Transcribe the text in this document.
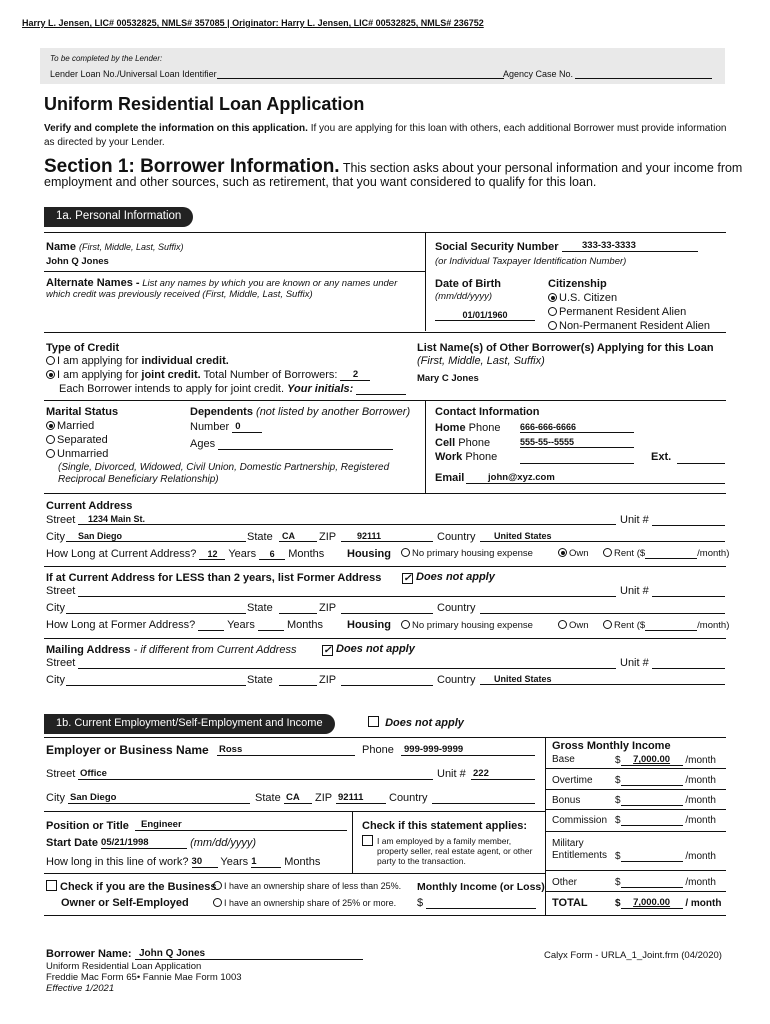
Harry L. Jensen, LIC# 00532825, NMLS# 357085 | Originator: Harry L. Jensen, LIC# 00532825, NMLS# 236752
To be completed by the Lender:
Lender Loan No./Universal Loan Identifier	Agency Case No.
Uniform Residential Loan Application
Verify and complete the information on this application. If you are applying for this loan with others, each additional Borrower must provide information as directed by your Lender.
Section 1: Borrower Information. This section asks about your personal information and your income from employment and other sources, such as retirement, that you want considered to qualify for this loan.
1a. Personal Information
Name (First, Middle, Last, Suffix)
John Q Jones
Social Security Number	333-33-3333
(or Individual Taxpayer Identification Number)
Alternate Names - List any names by which you are known or any names under which credit was previously received (First, Middle, Last, Suffix)
Date of Birth
(mm/dd/yyyy)
01/01/1960
Citizenship
U.S. Citizen
Permanent Resident Alien
Non-Permanent Resident Alien
Type of Credit
I am applying for individual credit.
I am applying for joint credit. Total Number of Borrowers: 2
Each Borrower intends to apply for joint credit. Your initials:
List Name(s) of Other Borrower(s) Applying for this Loan
(First, Middle, Last, Suffix)
Mary C Jones
Marital Status
Married
Separated
Unmarried
(Single, Divorced, Widowed, Civil Union, Domestic Partnership, Registered Reciprocal Beneficiary Relationship)
Dependents (not listed by another Borrower)
Number 0
Ages
Contact Information
Home Phone 666-666-6666
Cell Phone	555-55--5555
Work Phone	Ext.
Email	john@xyz.com
Current Address
Street	1234 Main St.	Unit #
City	San Diego	State	CA	ZIP	92111	Country	United States
How Long at Current Address? 12 Years 6 Months Housing	No primary housing expense	Own	Rent ($	/month)
If at Current Address for LESS than 2 years, list Former Address ✓ Does not apply
Street	Unit #
City	State	ZIP	Country
How Long at Former Address?	Years	Months Housing	No primary housing expense	Own	Rent ($	/month)
Mailing Address - if different from Current Address	✓ Does not apply
Street	Unit #
City	State	ZIP	Country	United States
1b. Current Employment/Self-Employment and Income	Does not apply
Employer or Business Name Ross	Phone	999-999-9999
Street Office	Unit # 222
City San Diego	State CA	ZIP 92111	Country
Position or Title	Engineer
Start Date 05/21/1998	(mm/dd/yyyy)
How long in this line of work? 30 Years 1	Months
Check if this statement applies:
I am employed by a family member, property seller, real estate agent, or other party to the transaction.
Check if you are the Business
Owner or Self-Employed
I have an ownership share of less than 25%.
I have an ownership share of 25% or more.
Monthly Income (or Loss)
$
Gross Monthly Income
Base	$ 7,000.00 /month
Overtime $	/month
Bonus	$	/month
Commission $	/month
Military Entitlements $	/month
Other	$	/month
TOTAL	$ 7,000.00 / month
Borrower Name: John Q Jones
Uniform Residential Loan Application
Freddie Mac Form 65• Fannie Mae Form 1003
Effective 1/2021
Calyx Form - URLA_1_Joint.frm (04/2020)
